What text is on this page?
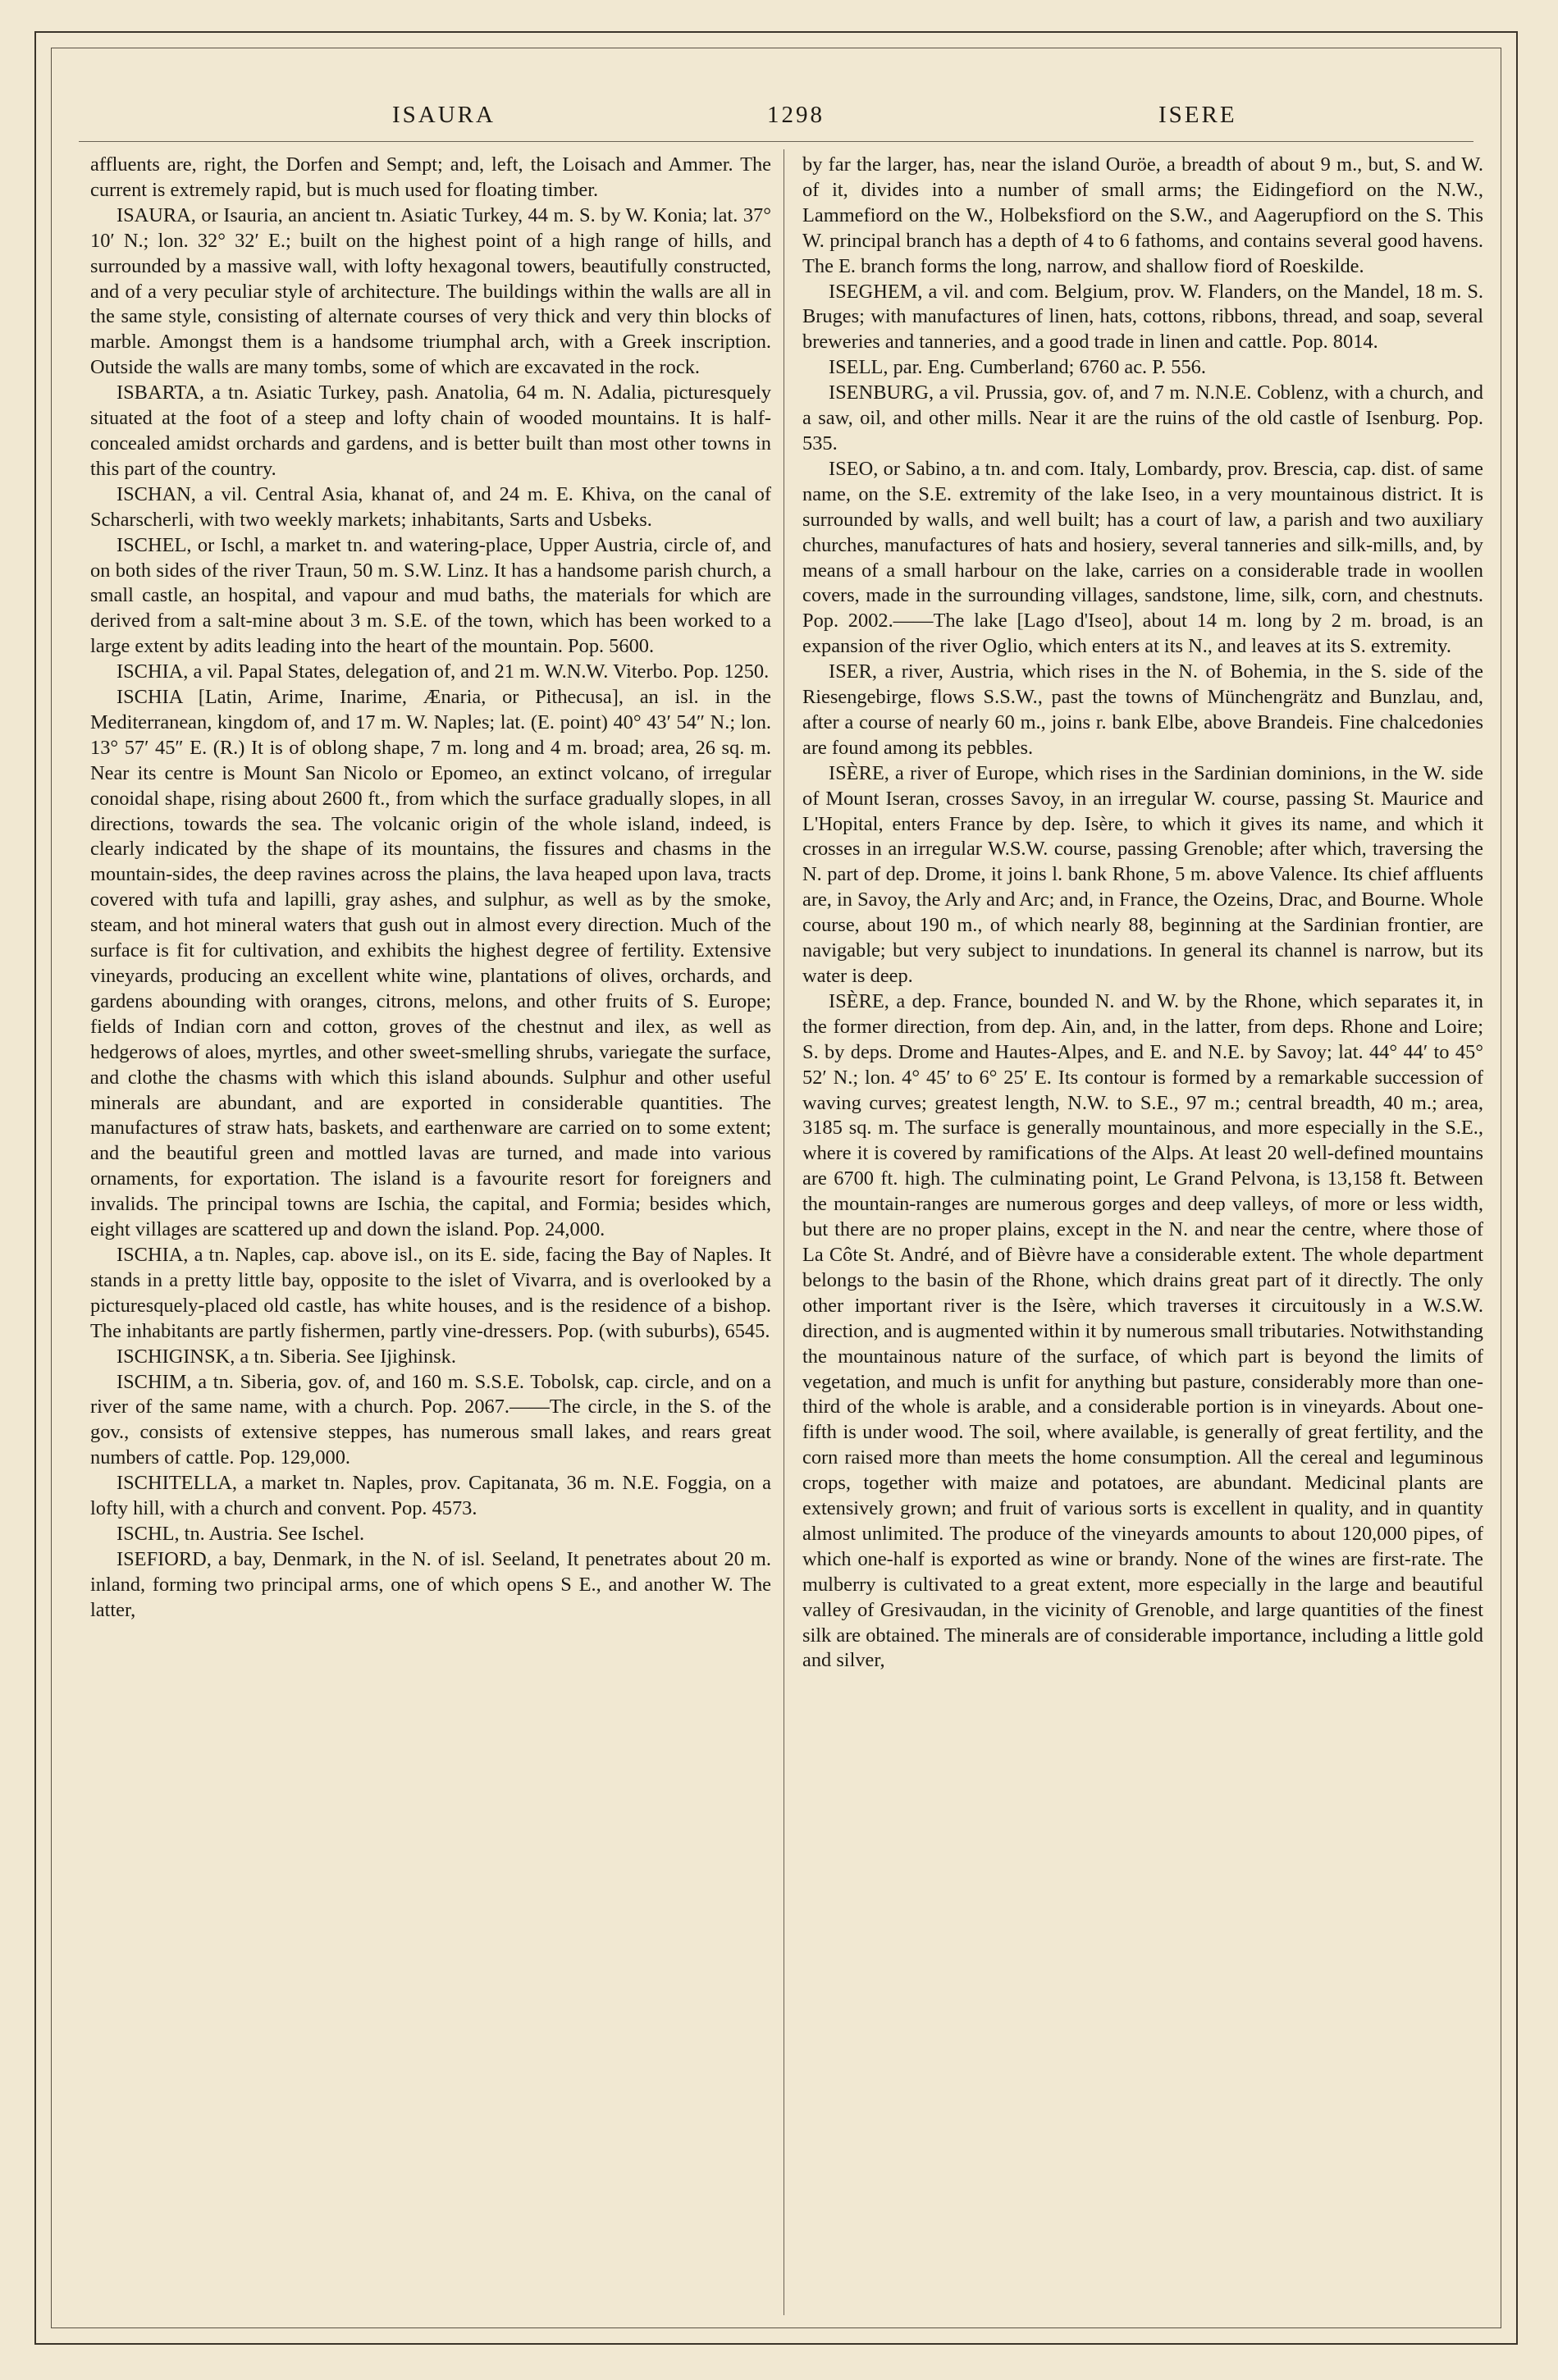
ISAURA	1298	ISERE

affluents are, right, the Dorfen and Sempt; and, left, the Loisach and Ammer. The current is extremely rapid, but is much used for floating timber.

ISAURA, or Isauria, an ancient tn. Asiatic Turkey, 44 m. S. by W. Konia; lat. 37° 10′ N.; lon. 32° 32′ E.; built on the highest point of a high range of hills, and surrounded by a massive wall, with lofty hexagonal towers, beautifully constructed, and of a very peculiar style of architecture. The buildings within the walls are all in the same style, consisting of alternate courses of very thick and very thin blocks of marble. Amongst them is a handsome triumphal arch, with a Greek inscription. Outside the walls are many tombs, some of which are excavated in the rock.

ISBARTA, a tn. Asiatic Turkey, pash. Anatolia, 64 m. N. Adalia, picturesquely situated at the foot of a steep and lofty chain of wooded mountains. It is half-concealed amidst orchards and gardens, and is better built than most other towns in this part of the country.

ISCHAN, a vil. Central Asia, khanat of, and 24 m. E. Khiva, on the canal of Scharscherli, with two weekly markets; inhabitants, Sarts and Usbeks.

ISCHEL, or Ischl, a market tn. and watering-place, Upper Austria, circle of, and on both sides of the river Traun, 50 m. S.W. Linz. It has a handsome parish church, a small castle, an hospital, and vapour and mud baths, the materials for which are derived from a salt-mine about 3 m. S.E. of the town, which has been worked to a large extent by adits leading into the heart of the mountain. Pop. 5600.

ISCHIA, a vil. Papal States, delegation of, and 21 m. W.N.W. Viterbo. Pop. 1250.

ISCHIA [Latin, Arime, Inarime, Ænaria, or Pithecusa], an isl. in the Mediterranean, kingdom of, and 17 m. W. Naples; lat. (E. point) 40° 43′ 54″ N.; lon. 13° 57′ 45″ E. (R.) It is of oblong shape, 7 m. long and 4 m. broad; area, 26 sq. m. Near its centre is Mount San Nicolo or Epomeo, an extinct volcano, of irregular conoidal shape, rising about 2600 ft., from which the surface gradually slopes, in all directions, towards the sea. The volcanic origin of the whole island, indeed, is clearly indicated by the shape of its mountains, the fissures and chasms in the mountain-sides, the deep ravines across the plains, the lava heaped upon lava, tracts covered with tufa and lapilli, gray ashes, and sulphur, as well as by the smoke, steam, and hot mineral waters that gush out in almost every direction. Much of the surface is fit for cultivation, and exhibits the highest degree of fertility. Extensive vineyards, producing an excellent white wine, plantations of olives, orchards, and gardens abounding with oranges, citrons, melons, and other fruits of S. Europe; fields of Indian corn and cotton, groves of the chestnut and ilex, as well as hedgerows of aloes, myrtles, and other sweet-smelling shrubs, variegate the surface, and clothe the chasms with which this island abounds. Sulphur and other useful minerals are abundant, and are exported in considerable quantities. The manufactures of straw hats, baskets, and earthenware are carried on to some extent; and the beautiful green and mottled lavas are turned, and made into various ornaments, for exportation. The island is a favourite resort for foreigners and invalids. The principal towns are Ischia, the capital, and Formia; besides which, eight villages are scattered up and down the island. Pop. 24,000.

ISCHIA, a tn. Naples, cap. above isl., on its E. side, facing the Bay of Naples. It stands in a pretty little bay, opposite to the islet of Vivarra, and is overlooked by a picturesquely-placed old castle, has white houses, and is the residence of a bishop. The inhabitants are partly fishermen, partly vine-dressers. Pop. (with suburbs), 6545.

ISCHIGINSK, a tn. Siberia. See Ijighinsk.

ISCHIM, a tn. Siberia, gov. of, and 160 m. S.S.E. Tobolsk, cap. circle, and on a river of the same name, with a church. Pop. 2067.——The circle, in the S. of the gov., consists of extensive steppes, has numerous small lakes, and rears great numbers of cattle. Pop. 129,000.

ISCHITELLA, a market tn. Naples, prov. Capitanata, 36 m. N.E. Foggia, on a lofty hill, with a church and convent. Pop. 4573.

ISCHL, tn. Austria. See Ischel.

ISEFIORD, a bay, Denmark, in the N. of isl. Seeland, It penetrates about 20 m. inland, forming two principal arms, one of which opens S E., and another W. The latter,

by far the larger, has, near the island Ouröe, a breadth of about 9 m., but, S. and W. of it, divides into a number of small arms; the Eidingefiord on the N.W., Lammefiord on the W., Holbeksfiord on the S.W., and Aagerupfiord on the S. This W. principal branch has a depth of 4 to 6 fathoms, and contains several good havens. The E. branch forms the long, narrow, and shallow fiord of Roeskilde.

ISEGHEM, a vil. and com. Belgium, prov. W. Flanders, on the Mandel, 18 m. S. Bruges; with manufactures of linen, hats, cottons, ribbons, thread, and soap, several breweries and tanneries, and a good trade in linen and cattle. Pop. 8014.

ISELL, par. Eng. Cumberland; 6760 ac. P. 556.

ISENBURG, a vil. Prussia, gov. of, and 7 m. N.N.E. Coblenz, with a church, and a saw, oil, and other mills. Near it are the ruins of the old castle of Isenburg. Pop. 535.

ISEO, or Sabino, a tn. and com. Italy, Lombardy, prov. Brescia, cap. dist. of same name, on the S.E. extremity of the lake Iseo, in a very mountainous district. It is surrounded by walls, and well built; has a court of law, a parish and two auxiliary churches, manufactures of hats and hosiery, several tanneries and silk-mills, and, by means of a small harbour on the lake, carries on a considerable trade in woollen covers, made in the surrounding villages, sandstone, lime, silk, corn, and chestnuts. Pop. 2002.——The lake [Lago d'Iseo], about 14 m. long by 2 m. broad, is an expansion of the river Oglio, which enters at its N., and leaves at its S. extremity.

ISER, a river, Austria, which rises in the N. of Bohemia, in the S. side of the Riesengebirge, flows S.S.W., past the towns of Münchengrätz and Bunzlau, and, after a course of nearly 60 m., joins r. bank Elbe, above Brandeis. Fine chalcedonies are found among its pebbles.

ISÈRE, a river of Europe, which rises in the Sardinian dominions, in the W. side of Mount Iseran, crosses Savoy, in an irregular W. course, passing St. Maurice and L'Hopital, enters France by dep. Isère, to which it gives its name, and which it crosses in an irregular W.S.W. course, passing Grenoble; after which, traversing the N. part of dep. Drome, it joins l. bank Rhone, 5 m. above Valence. Its chief affluents are, in Savoy, the Arly and Arc; and, in France, the Ozeins, Drac, and Bourne. Whole course, about 190 m., of which nearly 88, beginning at the Sardinian frontier, are navigable; but very subject to inundations. In general its channel is narrow, but its water is deep.

ISÈRE, a dep. France, bounded N. and W. by the Rhone, which separates it, in the former direction, from dep. Ain, and, in the latter, from deps. Rhone and Loire; S. by deps. Drome and Hautes-Alpes, and E. and N.E. by Savoy; lat. 44° 44′ to 45° 52′ N.; lon. 4° 45′ to 6° 25′ E. Its contour is formed by a remarkable succession of waving curves; greatest length, N.W. to S.E., 97 m.; central breadth, 40 m.; area, 3185 sq. m. The surface is generally mountainous, and more especially in the S.E., where it is covered by ramifications of the Alps. At least 20 well-defined mountains are 6700 ft. high. The culminating point, Le Grand Pelvona, is 13,158 ft. Between the mountain-ranges are numerous gorges and deep valleys, of more or less width, but there are no proper plains, except in the N. and near the centre, where those of La Côte St. André, and of Bièvre have a considerable extent. The whole department belongs to the basin of the Rhone, which drains great part of it directly. The only other important river is the Isère, which traverses it circuitously in a W.S.W. direction, and is augmented within it by numerous small tributaries. Notwithstanding the mountainous nature of the surface, of which part is beyond the limits of vegetation, and much is unfit for anything but pasture, considerably more than one-third of the whole is arable, and a considerable portion is in vineyards. About one-fifth is under wood. The soil, where available, is generally of great fertility, and the corn raised more than meets the home consumption. All the cereal and leguminous crops, together with maize and potatoes, are abundant. Medicinal plants are extensively grown; and fruit of various sorts is excellent in quality, and in quantity almost unlimited. The produce of the vineyards amounts to about 120,000 pipes, of which one-half is exported as wine or brandy. None of the wines are first-rate. The mulberry is cultivated to a great extent, more especially in the large and beautiful valley of Gresivaudan, in the vicinity of Grenoble, and large quantities of the finest silk are obtained. The minerals are of considerable importance, including a little gold and silver,
